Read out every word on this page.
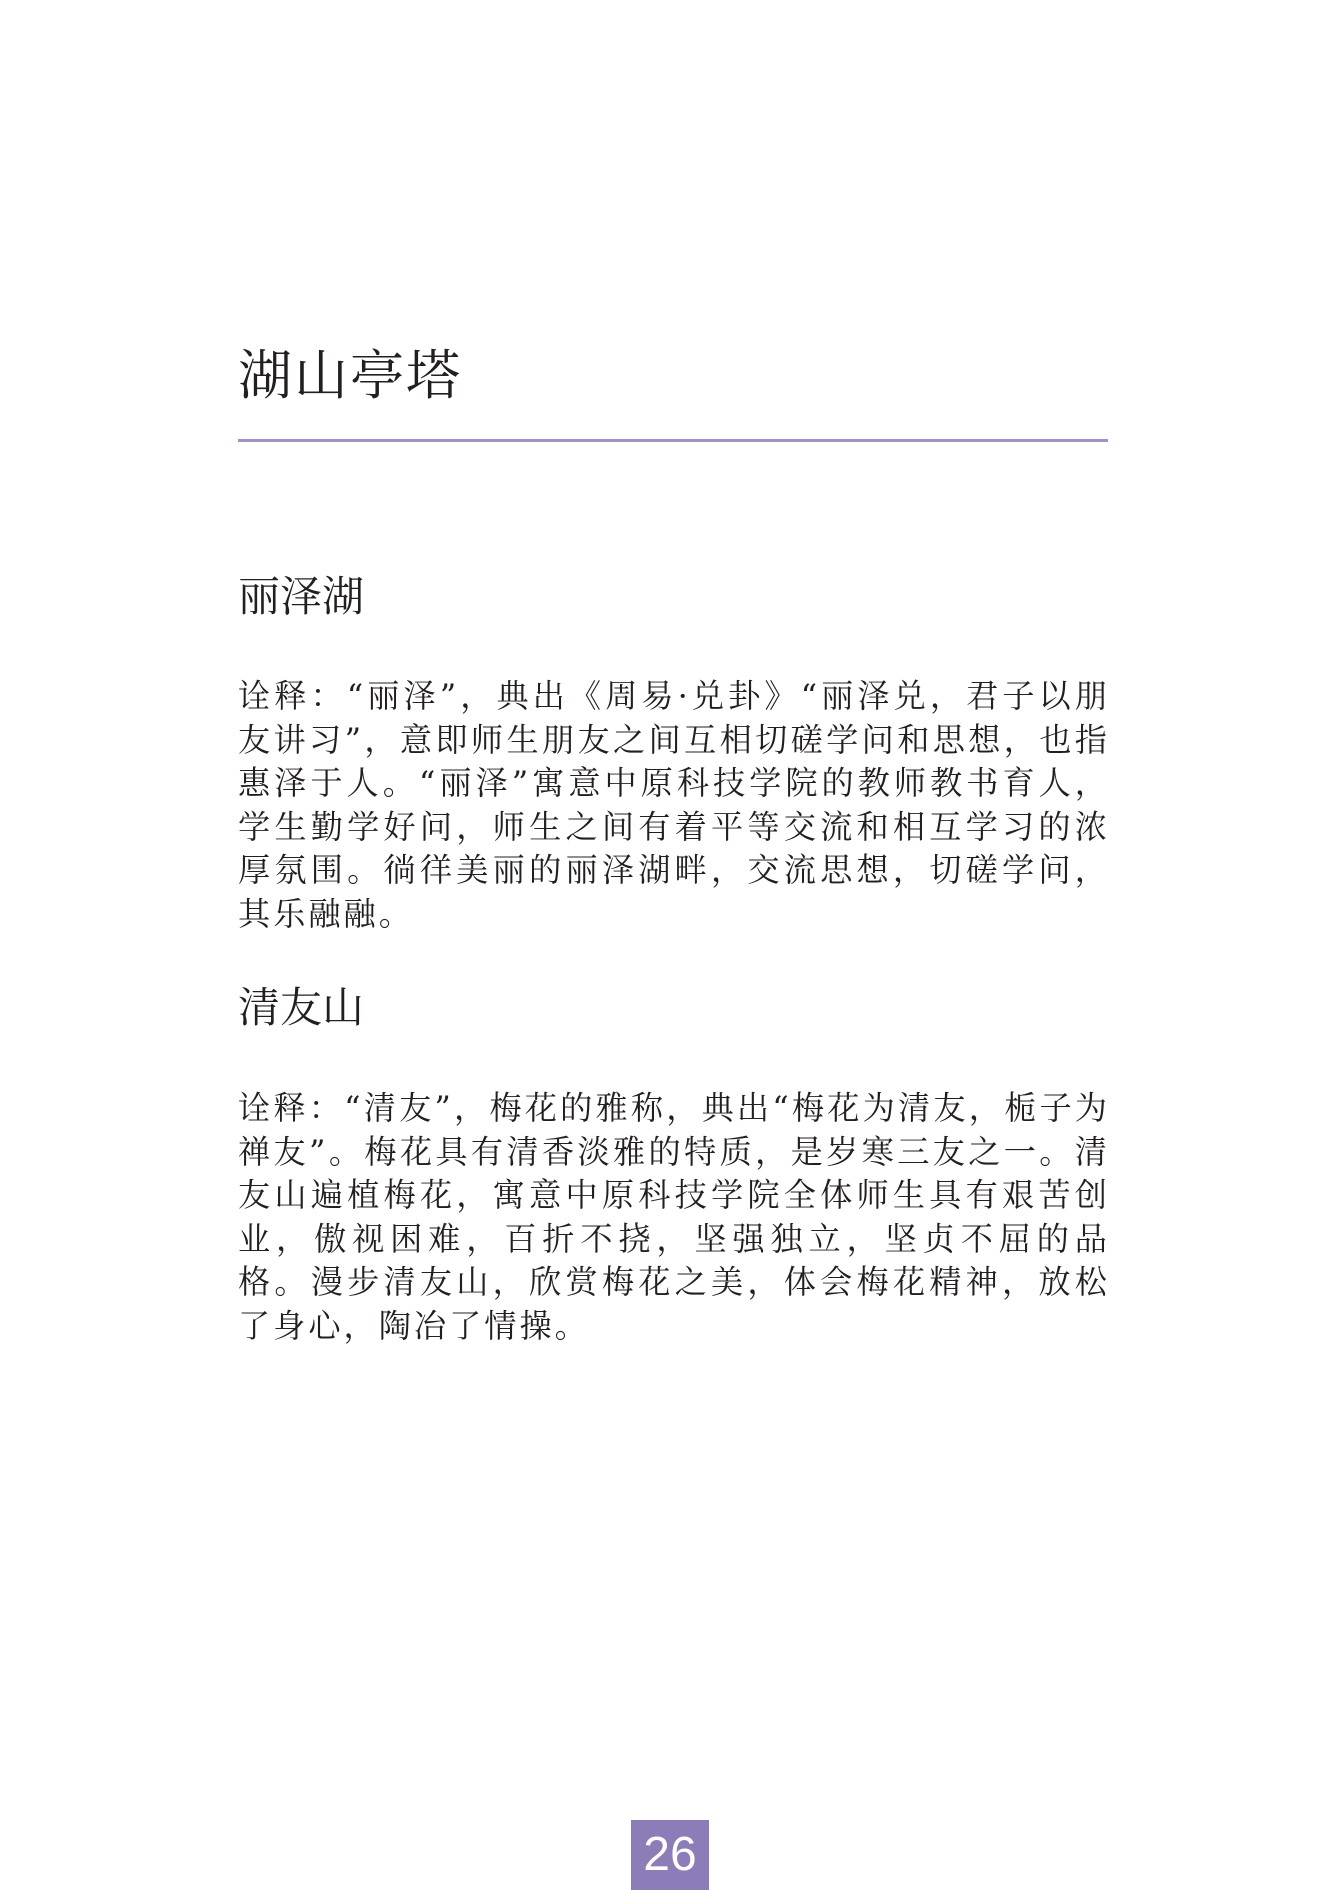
湖山亭塔
丽泽湖

诠释：“丽泽”，典出《周易·兑卦》“丽泽兑，君子以朋友讲习”，意即师生朋友之间互相切磋学问和思想，也指惠泽于人。“丽泽”寓意中原科技学院的教师教书育人，学生勤学好问，师生之间有着平等交流和相互学习的浓厚氛围。徜徉美丽的丽泽湖畔，交流思想，切磋学问，其乐融融。

清友山

诠释：“清友”，梅花的雅称，典出“梅花为清友，栀子为禅友”。梅花具有清香淡雅的特质，是岁寒三友之一。清友山遍植梅花，寓意中原科技学院全体师生具有艰苦创业，傲视困难，百折不挠，坚强独立，坚贞不屈的品格。漫步清友山，欣赏梅花之美，体会梅花精神，放松了身心，陶冶了情操。

26
